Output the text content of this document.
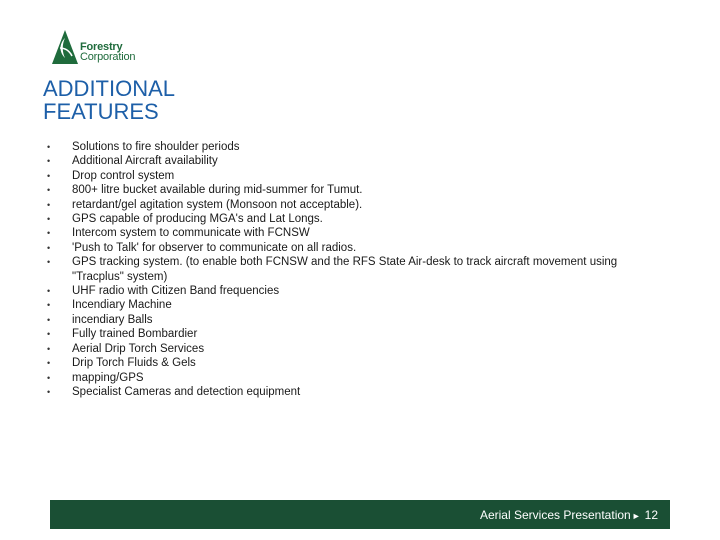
Forestry
Corporation
ADDITIONAL
FEATURES
• Solutions to fire shoulder periods
• Additional Aircraft availability
• Drop control system
• 800+ litre bucket available during mid-summer for Tumut.
• retardant/gel agitation system (Monsoon not acceptable).
• GPS capable of producing MGA's and Lat Longs.
• Intercom system to communicate with FCNSW
• 'Push to Talk' for observer to communicate on all radios.
• GPS tracking system. (to enable both FCNSW and the RFS State Air-desk to track aircraft movement using "Tracplus" system)
• UHF radio with Citizen Band frequencies
• Incendiary Machine
• incendiary Balls
• Fully trained Bombardier
• Aerial Drip Torch Services
• Drip Torch Fluids & Gels
• mapping/GPS
• Specialist Cameras and detection equipment
Aerial Services Presentation► 12
